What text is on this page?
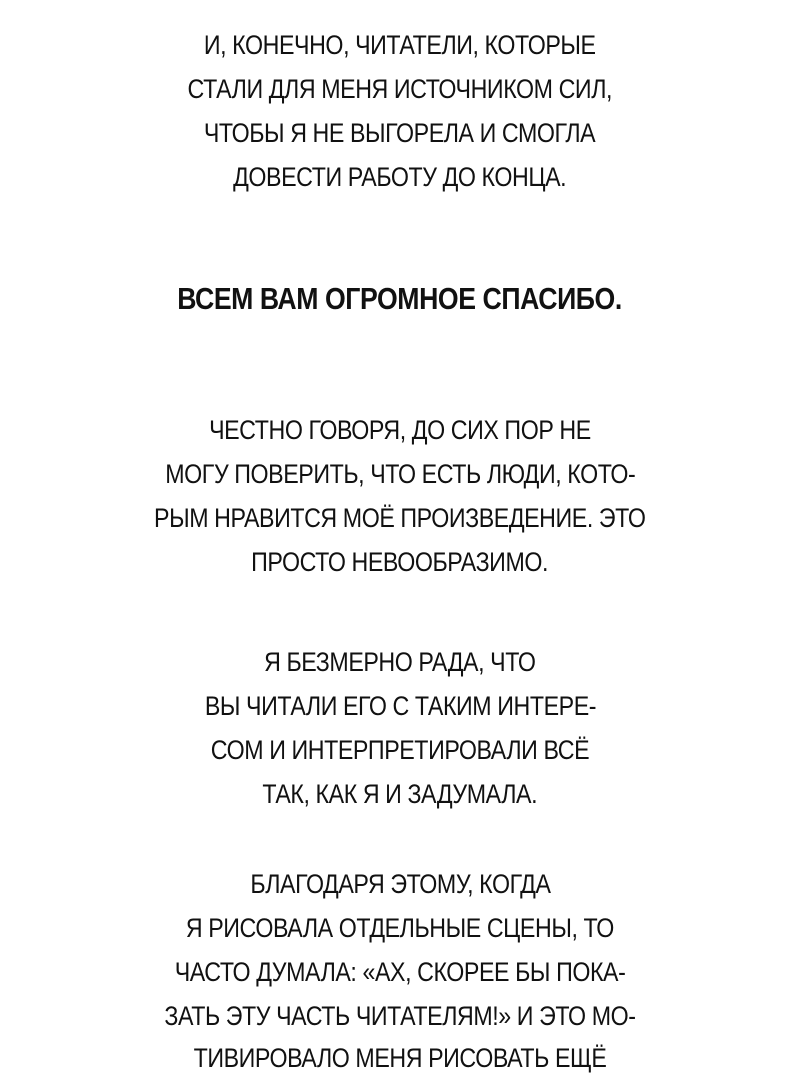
И, КОНЕЧНО, ЧИТАТЕЛИ, КОТОРЫЕ
СТАЛИ ДЛЯ МЕНЯ ИСТОЧНИКОМ СИЛ,
ЧТОБЫ Я НЕ ВЫГОРЕЛА И СМОГЛА
ДОВЕСТИ РАБОТУ ДО КОНЦА.
ВСЕМ ВАМ ОГРОМНОЕ СПАСИБО.
ЧЕСТНО ГОВОРЯ, ДО СИХ ПОР НЕ
МОГУ ПОВЕРИТЬ, ЧТО ЕСТЬ ЛЮДИ, КОТО-
РЫМ НРАВИТСЯ МОЁ ПРОИЗВЕДЕНИЕ. ЭТО
ПРОСТО НЕВООБРАЗИМО.
Я БЕЗМЕРНО РАДА, ЧТО
ВЫ ЧИТАЛИ ЕГО С ТАКИМ ИНТЕРЕ-
СОМ И ИНТЕРПРЕТИРОВАЛИ ВСЁ
ТАК, КАК Я И ЗАДУМАЛА.
БЛАГОДАРЯ ЭТОМУ, КОГДА
Я РИСОВАЛА ОТДЕЛЬНЫЕ СЦЕНЫ, ТО
ЧАСТО ДУМАЛА: «АХ, СКОРЕЕ БЫ ПОКА-
ЗАТЬ ЭТУ ЧАСТЬ ЧИТАТЕЛЯМ!» И ЭТО МО-
ТИВИРОВАЛО МЕНЯ РИСОВАТЬ ЕЩЁ
